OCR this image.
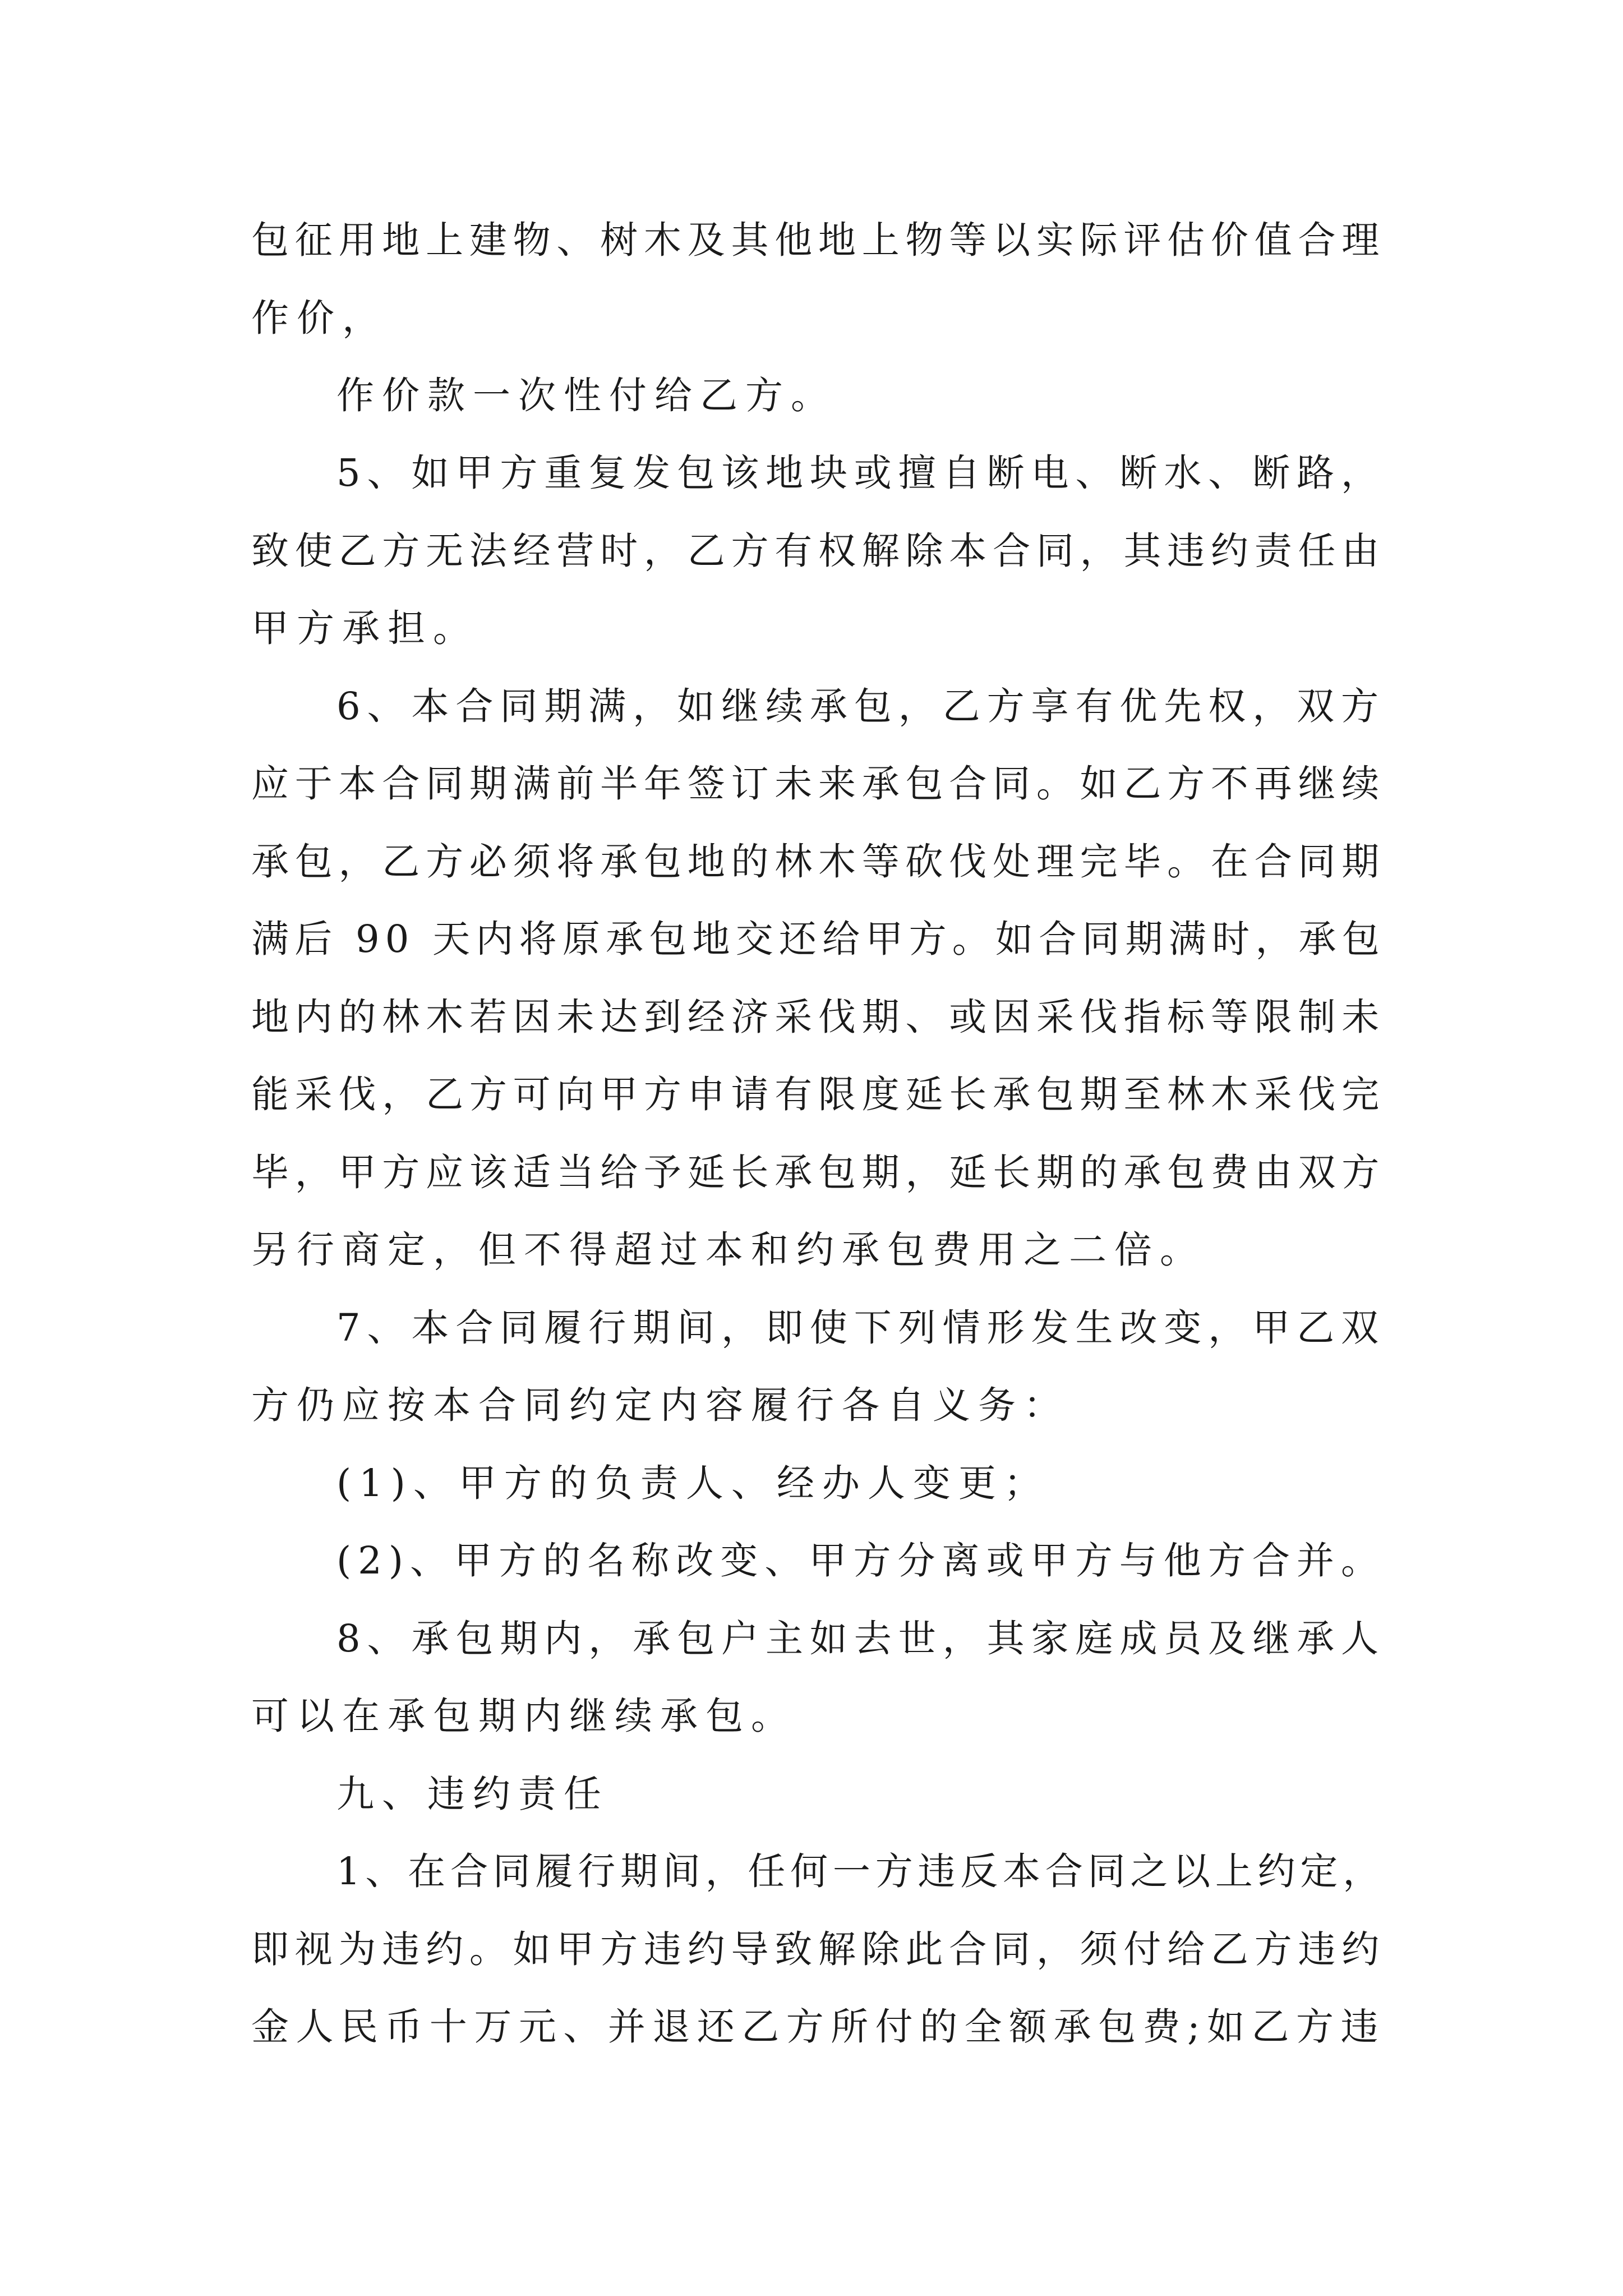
包征用地上建物、树木及其他地上物等以实际评估价值合理
作价，
作价款一次性付给乙方。
5、如甲方重复发包该地块或擅自断电、断水、断路，
致使乙方无法经营时，乙方有权解除本合同，其违约责任由
甲方承担。
6、本合同期满，如继续承包，乙方享有优先权，双方
应于本合同期满前半年签订未来承包合同。如乙方不再继续
承包，乙方必须将承包地的林木等砍伐处理完毕。在合同期
满后 90 天内将原承包地交还给甲方。如合同期满时，承包
地内的林木若因未达到经济采伐期、或因采伐指标等限制未
能采伐，乙方可向甲方申请有限度延长承包期至林木采伐完
毕，甲方应该适当给予延长承包期，延长期的承包费由双方
另行商定，但不得超过本和约承包费用之二倍。
7、本合同履行期间，即使下列情形发生改变，甲乙双
方仍应按本合同约定内容履行各自义务：
(1)、甲方的负责人、经办人变更；
(2)、甲方的名称改变、甲方分离或甲方与他方合并。
8、承包期内，承包户主如去世，其家庭成员及继承人
可以在承包期内继续承包。
九、违约责任
1、在合同履行期间，任何一方违反本合同之以上约定，
即视为违约。如甲方违约导致解除此合同，须付给乙方违约
金人民币十万元、并退还乙方所付的全额承包费;如乙方违
